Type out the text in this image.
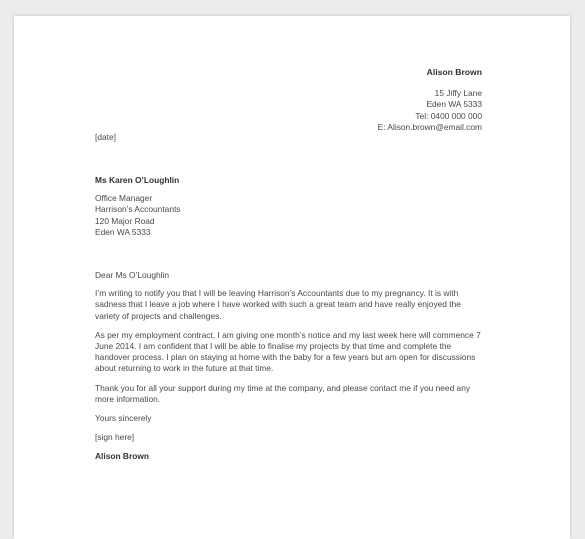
Alison Brown
15 Jiffy Lane
Eden WA 5333
Tel: 0400 000 000
E: Alison.brown@email.com
[date]
Ms Karen O’Loughlin
Office Manager
Harrison’s Accountants
120 Major Road
Eden WA 5333

Dear Ms O’Loughlin

I’m writing to notify you that I will be leaving Harrison’s Accountants due to my pregnancy. It is with sadness that I leave a job where I have worked with such a great team and have really enjoyed the variety of projects and challenges.

As per my employment contract, I am giving one month’s notice and my last week here will commence 7 June 2014. I am confident that I will be able to finalise my projects by that time and complete the handover process. I plan on staying at home with the baby for a few years but am open for discussions about returning to work in the future at that time.

Thank you for all your support during my time at the company, and please contact me if you need any more information.

Yours sincerely

[sign here]

Alison Brown
